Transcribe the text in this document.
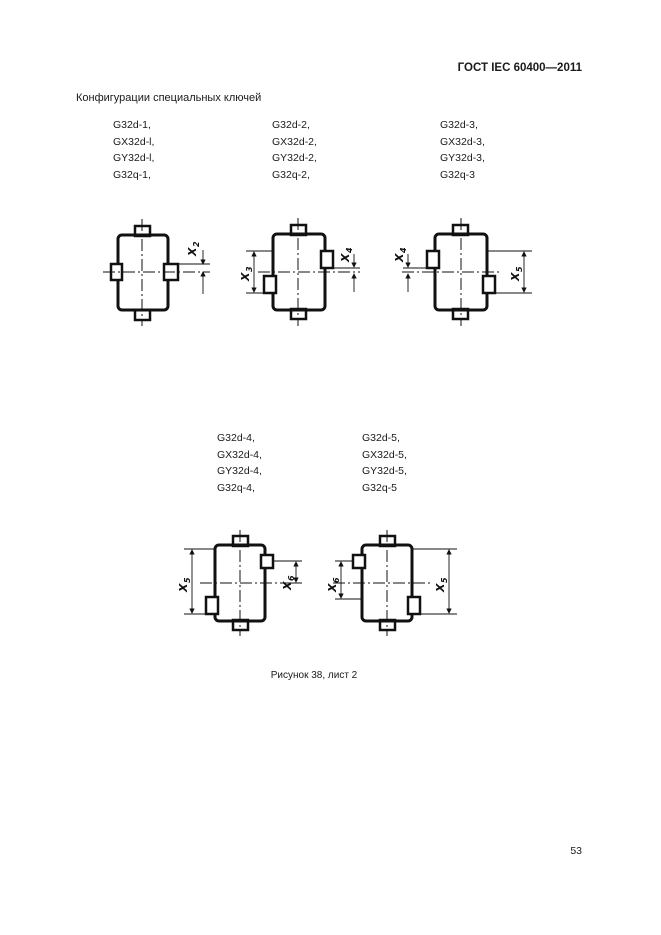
ГОСТ IEC 60400—2011
Конфигурации специальных ключей
G32d-1,
GX32d-l,
GY32d-l,
G32q-1,
G32d-2,
GX32d-2,
GY32d-2,
G32q-2,
G32d-3,
GX32d-3,
GY32d-3,
G32q-3
G32d-4,
GX32d-4,
GY32d-4,
G32q-4,
G32d-5,
GX32d-5,
GY32d-5,
G32q-5
X
2
X
3
X
4
X
4
X
5
X
5
X
6
X
6
X
5
Рисунок 38, лист 2
53
